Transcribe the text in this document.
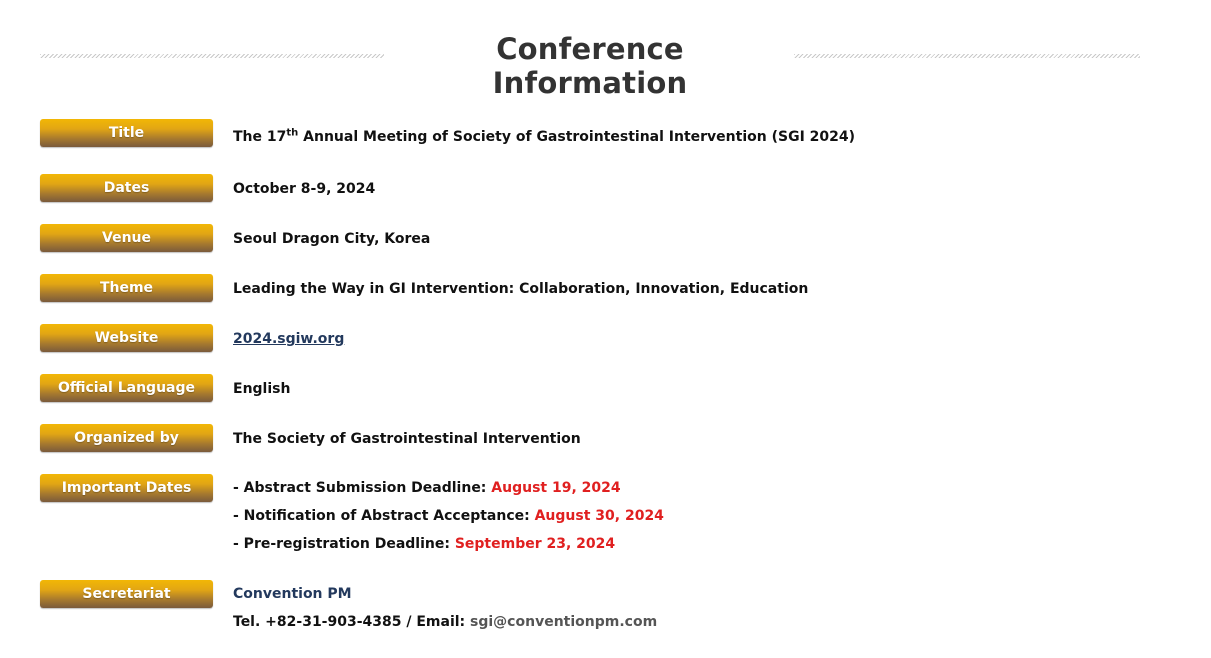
Conference Information
Title	The 17th Annual Meeting of Society of Gastrointestinal Intervention (SGI 2024)
Dates	October 8-9, 2024
Venue	Seoul Dragon City, Korea
Theme	Leading the Way in GI Intervention: Collaboration, Innovation, Education
Website	2024.sgiw.org
Official Language	English
Organized by	The Society of Gastrointestinal Intervention
Important Dates	- Abstract Submission Deadline: August 19, 2024
- Notification of Abstract Acceptance: August 30, 2024
- Pre-registration Deadline: September 23, 2024
Secretariat	Convention PM
Tel. +82-31-903-4385 / Email: sgi@conventionpm.com
